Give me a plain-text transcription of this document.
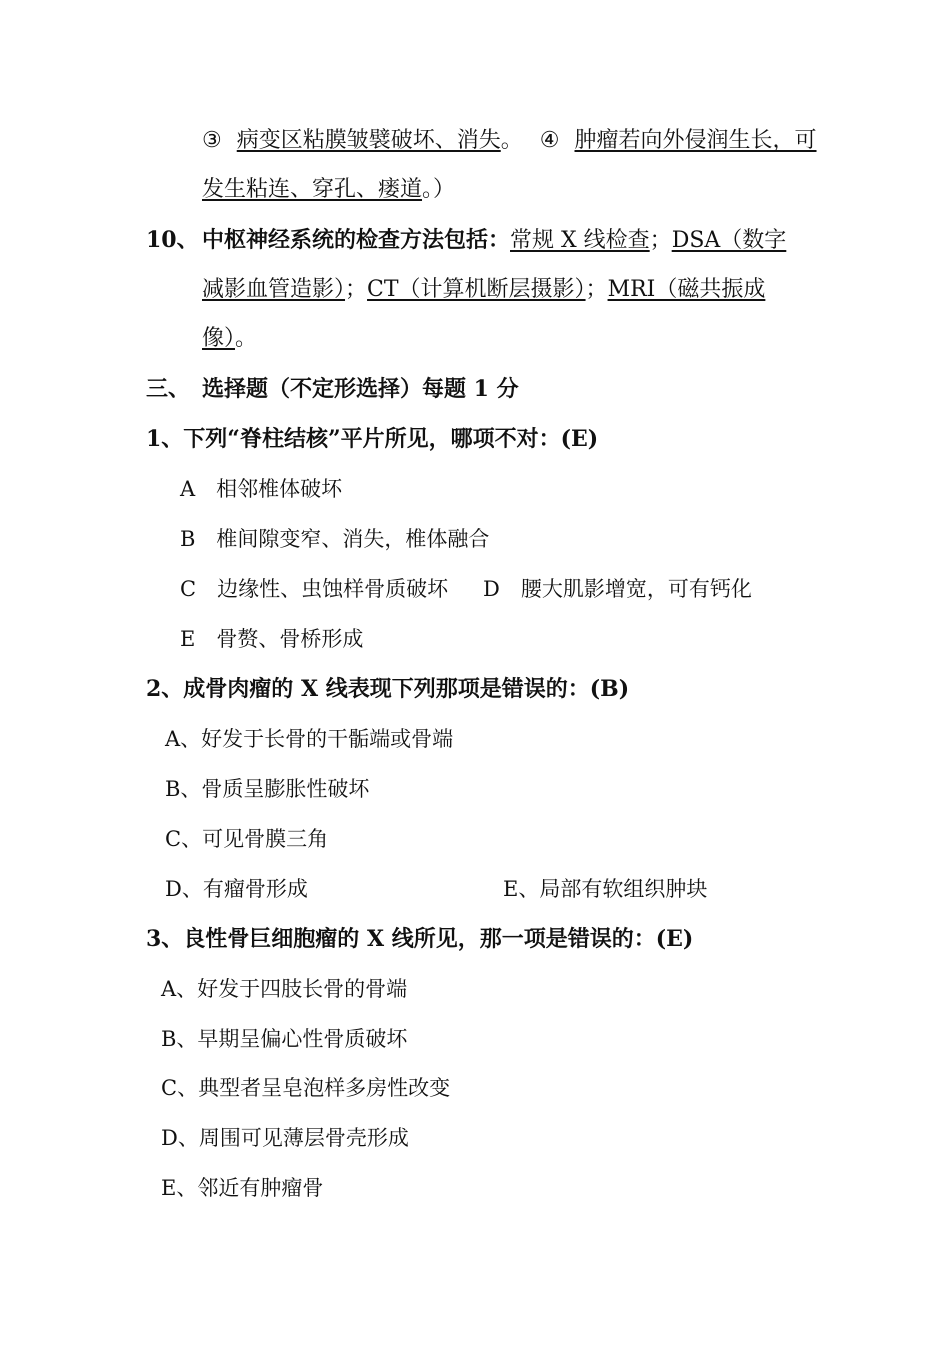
③ 病变区粘膜皱襞破坏、消失。 ④ 肿瘤若向外侵润生长，可
发生粘连、穿孔、瘘道。）
10、 中枢神经系统的检查方法包括：常规 X 线检查；DSA（数字
减影血管造影）；CT（计算机断层摄影）；MRI（磁共振成
像）。
三、 选择题（不定形选择）每题 1 分
1、下列“脊柱结核”平片所见，哪项不对：(E)
A　相邻椎体破坏
B　椎间隙变窄、消失，椎体融合
C　边缘性、虫蚀样骨质破坏 D　腰大肌影增宽，可有钙化
E　骨赘、骨桥形成
2、成骨肉瘤的 X 线表现下列那项是错误的：(B)
A、好发于长骨的干骺端或骨端
B、骨质呈膨胀性破坏
C、可见骨膜三角
D、有瘤骨形成	E、局部有软组织肿块
3、良性骨巨细胞瘤的 X 线所见，那一项是错误的：(E)
A、好发于四肢长骨的骨端
B、早期呈偏心性骨质破坏
C、典型者呈皂泡样多房性改变
D、周围可见薄层骨壳形成
E、邻近有肿瘤骨
